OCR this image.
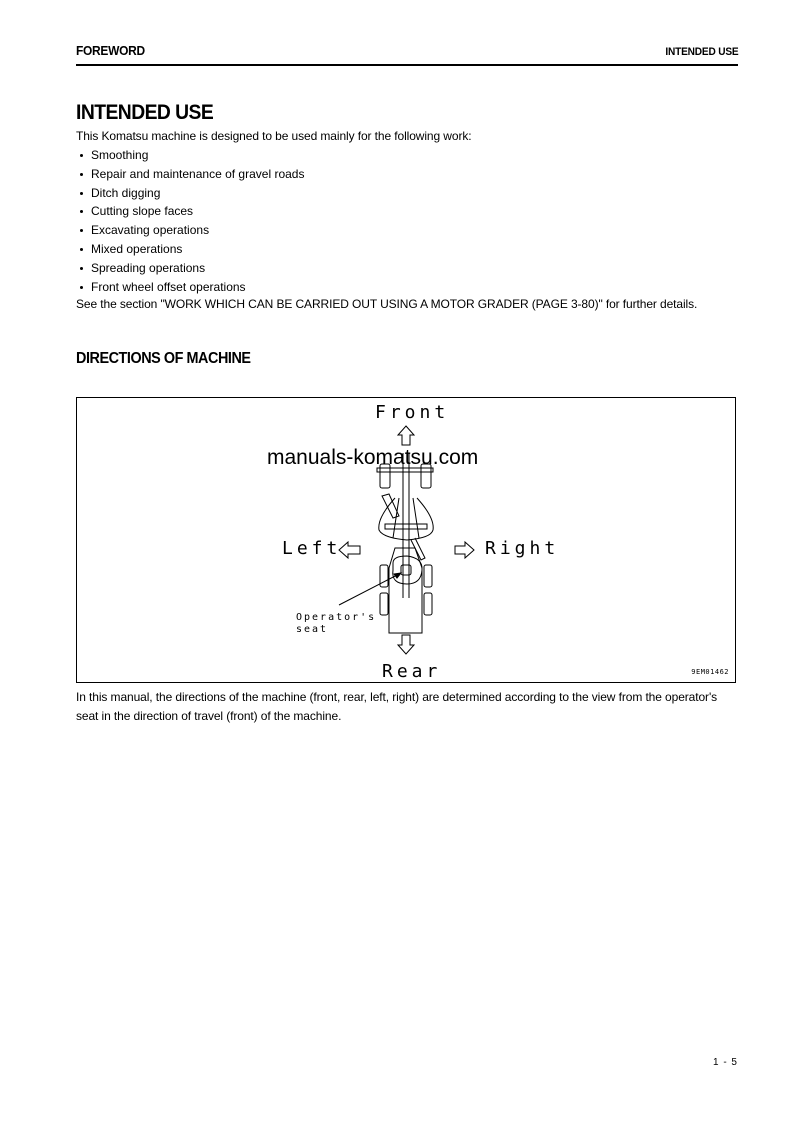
FOREWORD	INTENDED USE
INTENDED USE
This Komatsu machine is designed to be used mainly for the following work:
Smoothing
Repair and maintenance of gravel roads
Ditch digging
Cutting slope faces
Excavating operations
Mixed operations
Spreading operations
Front wheel offset operations
See the section "WORK WHICH CAN BE CARRIED OUT USING A MOTOR GRADER (PAGE 3-80)" for further details.
DIRECTIONS OF MACHINE
Front
Rear
Left	Right
Operator's
seat
9EM01462
manuals-komatsu.com
In this manual, the directions of the machine (front, rear, left, right) are determined according to the view from the operator's seat in the direction of travel (front) of the machine.
1 - 5
